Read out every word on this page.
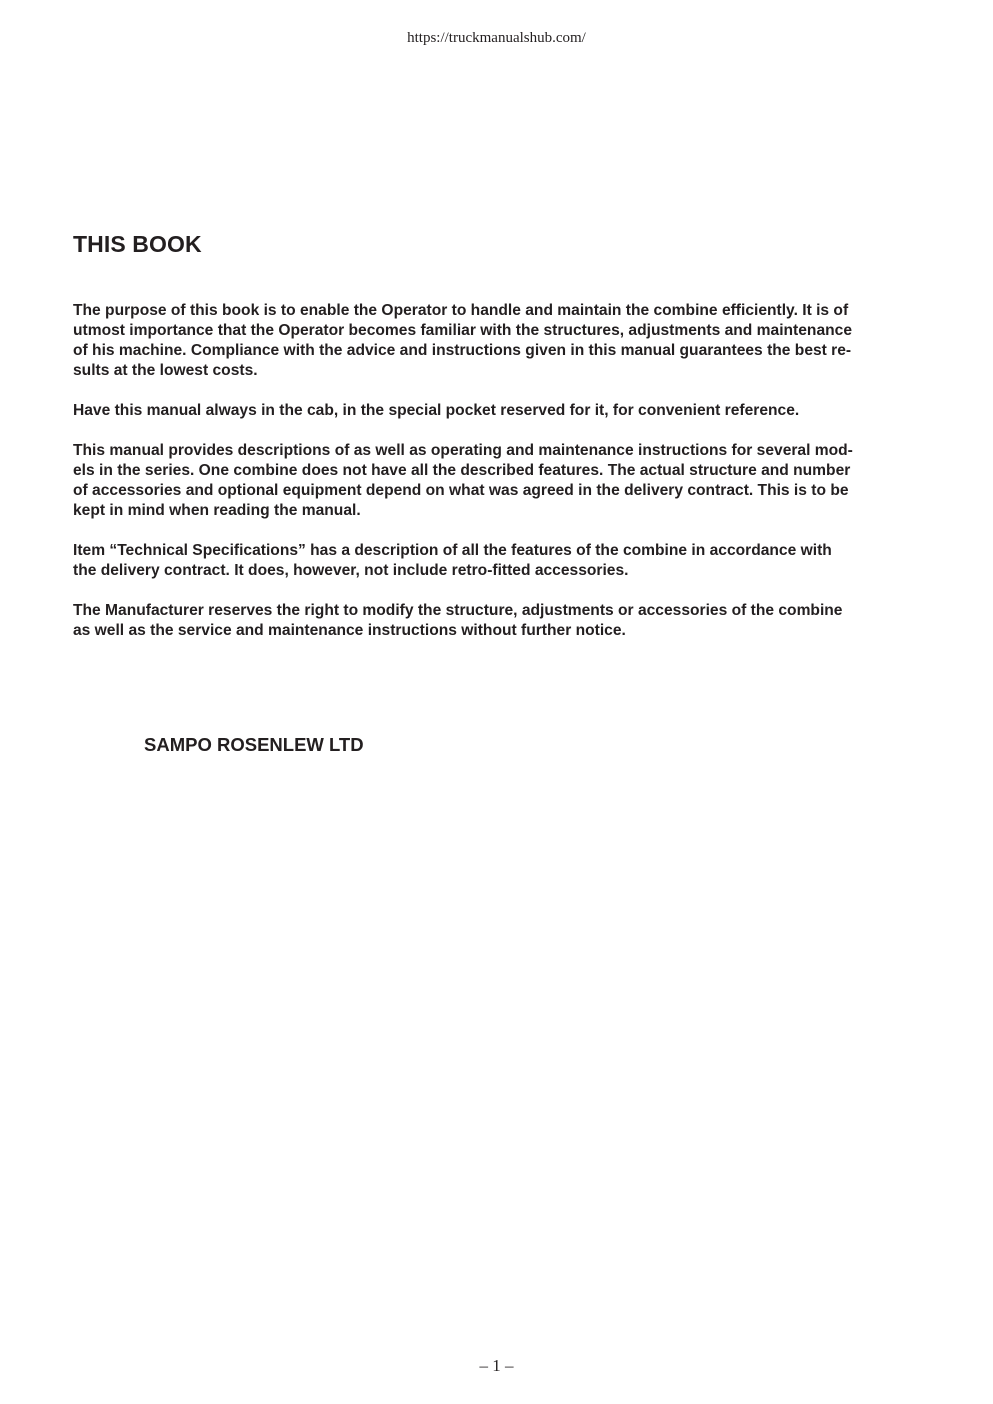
https://truckmanualshub.com/
THIS BOOK

The purpose of this book is to enable the Operator to handle and maintain the combine efficiently. It is of
utmost importance that the Operator becomes familiar with the structures, adjustments and maintenance
of his machine. Compliance with the advice and instructions given in this manual guarantees the best re-
sults at the lowest costs.

Have this manual always in the cab, in the special pocket reserved for it, for convenient reference.

This manual provides descriptions of as well as operating and maintenance instructions for several mod-
els in the series. One combine does not have all the described features. The actual structure and number
of accessories and optional equipment depend on what was agreed in the delivery contract. This is to be
kept in mind when reading the manual.

Item “Technical Specifications” has a description of all the features of the combine in accordance with
the delivery contract. It does, however, not include retro-fitted accessories.

The Manufacturer reserves the right to modify the structure, adjustments or accessories of the combine
as well as the service and maintenance instructions without further notice.

SAMPO ROSENLEW LTD

– 1 –
